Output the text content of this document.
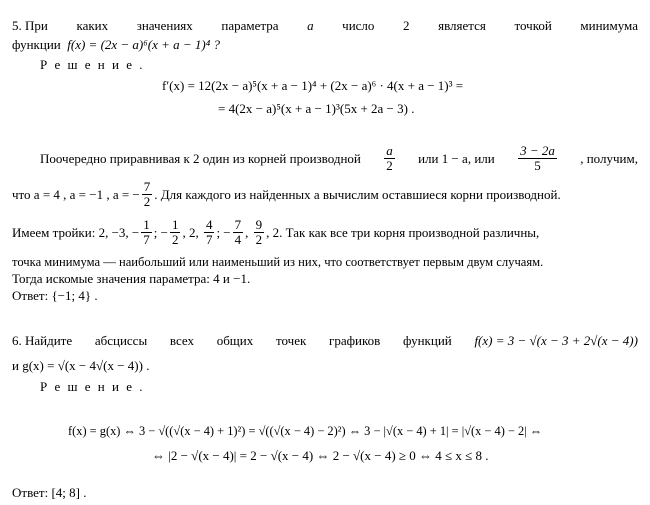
5. При каких значениях параметра a число 2 является точкой минимума
функции f(x) = (2x − a)⁶(x + a − 1)⁴ ?
Р е ш е н и е .
f′(x) = 12(2x − a)⁵(x + a − 1)⁴ + (2x − a)⁶ · 4(x + a − 1)³ =
= 4(2x − a)⁵(x + a − 1)³(5x + 2a − 3) .
Поочередно приравнивая к 2 один из корней производной $\frac{a}{2}$ или 1 − a, или $\frac{3 - 2a}{5}$ , получим,
что a = 4 , a = −1 , a = − $\frac{7}{2}$ . Для каждого из найденных a вычислим оставшиеся корни производной.
Имеем тройки: 2, −3, − $\frac{1}{7}$ ; − $\frac{1}{2}$ , 2, $\frac{4}{7}$ ; − $\frac{7}{4}$ , $\frac{9}{2}$ , 2. Так как все три корня производной различны,
точка минимума — наибольший или наименьший из них, что соответствует первым двум случаям.
Тогда искомые значения параметра: 4 и −1.
Ответ: {−1; 4} .
6. Найдите абсциссы всех общих точек графиков функций f(x) = 3 − √(x − 3 + 2√(x − 4))
и g(x) = √(x − 4√(x − 4)) .
Р е ш е н и е .
f(x) = g(x) ⇔ 3 − √((√(x − 4) + 1)²) = √((√(x − 4) − 2)²) ⇔ 3 − |√(x − 4) + 1| = |√(x − 4) − 2| ⇔
⇔ |2 − √(x − 4)| = 2 − √(x − 4) ⇔ 2 − √(x − 4) ≥ 0 ⇔ 4 ≤ x ≤ 8 .
Ответ: [4; 8] .
